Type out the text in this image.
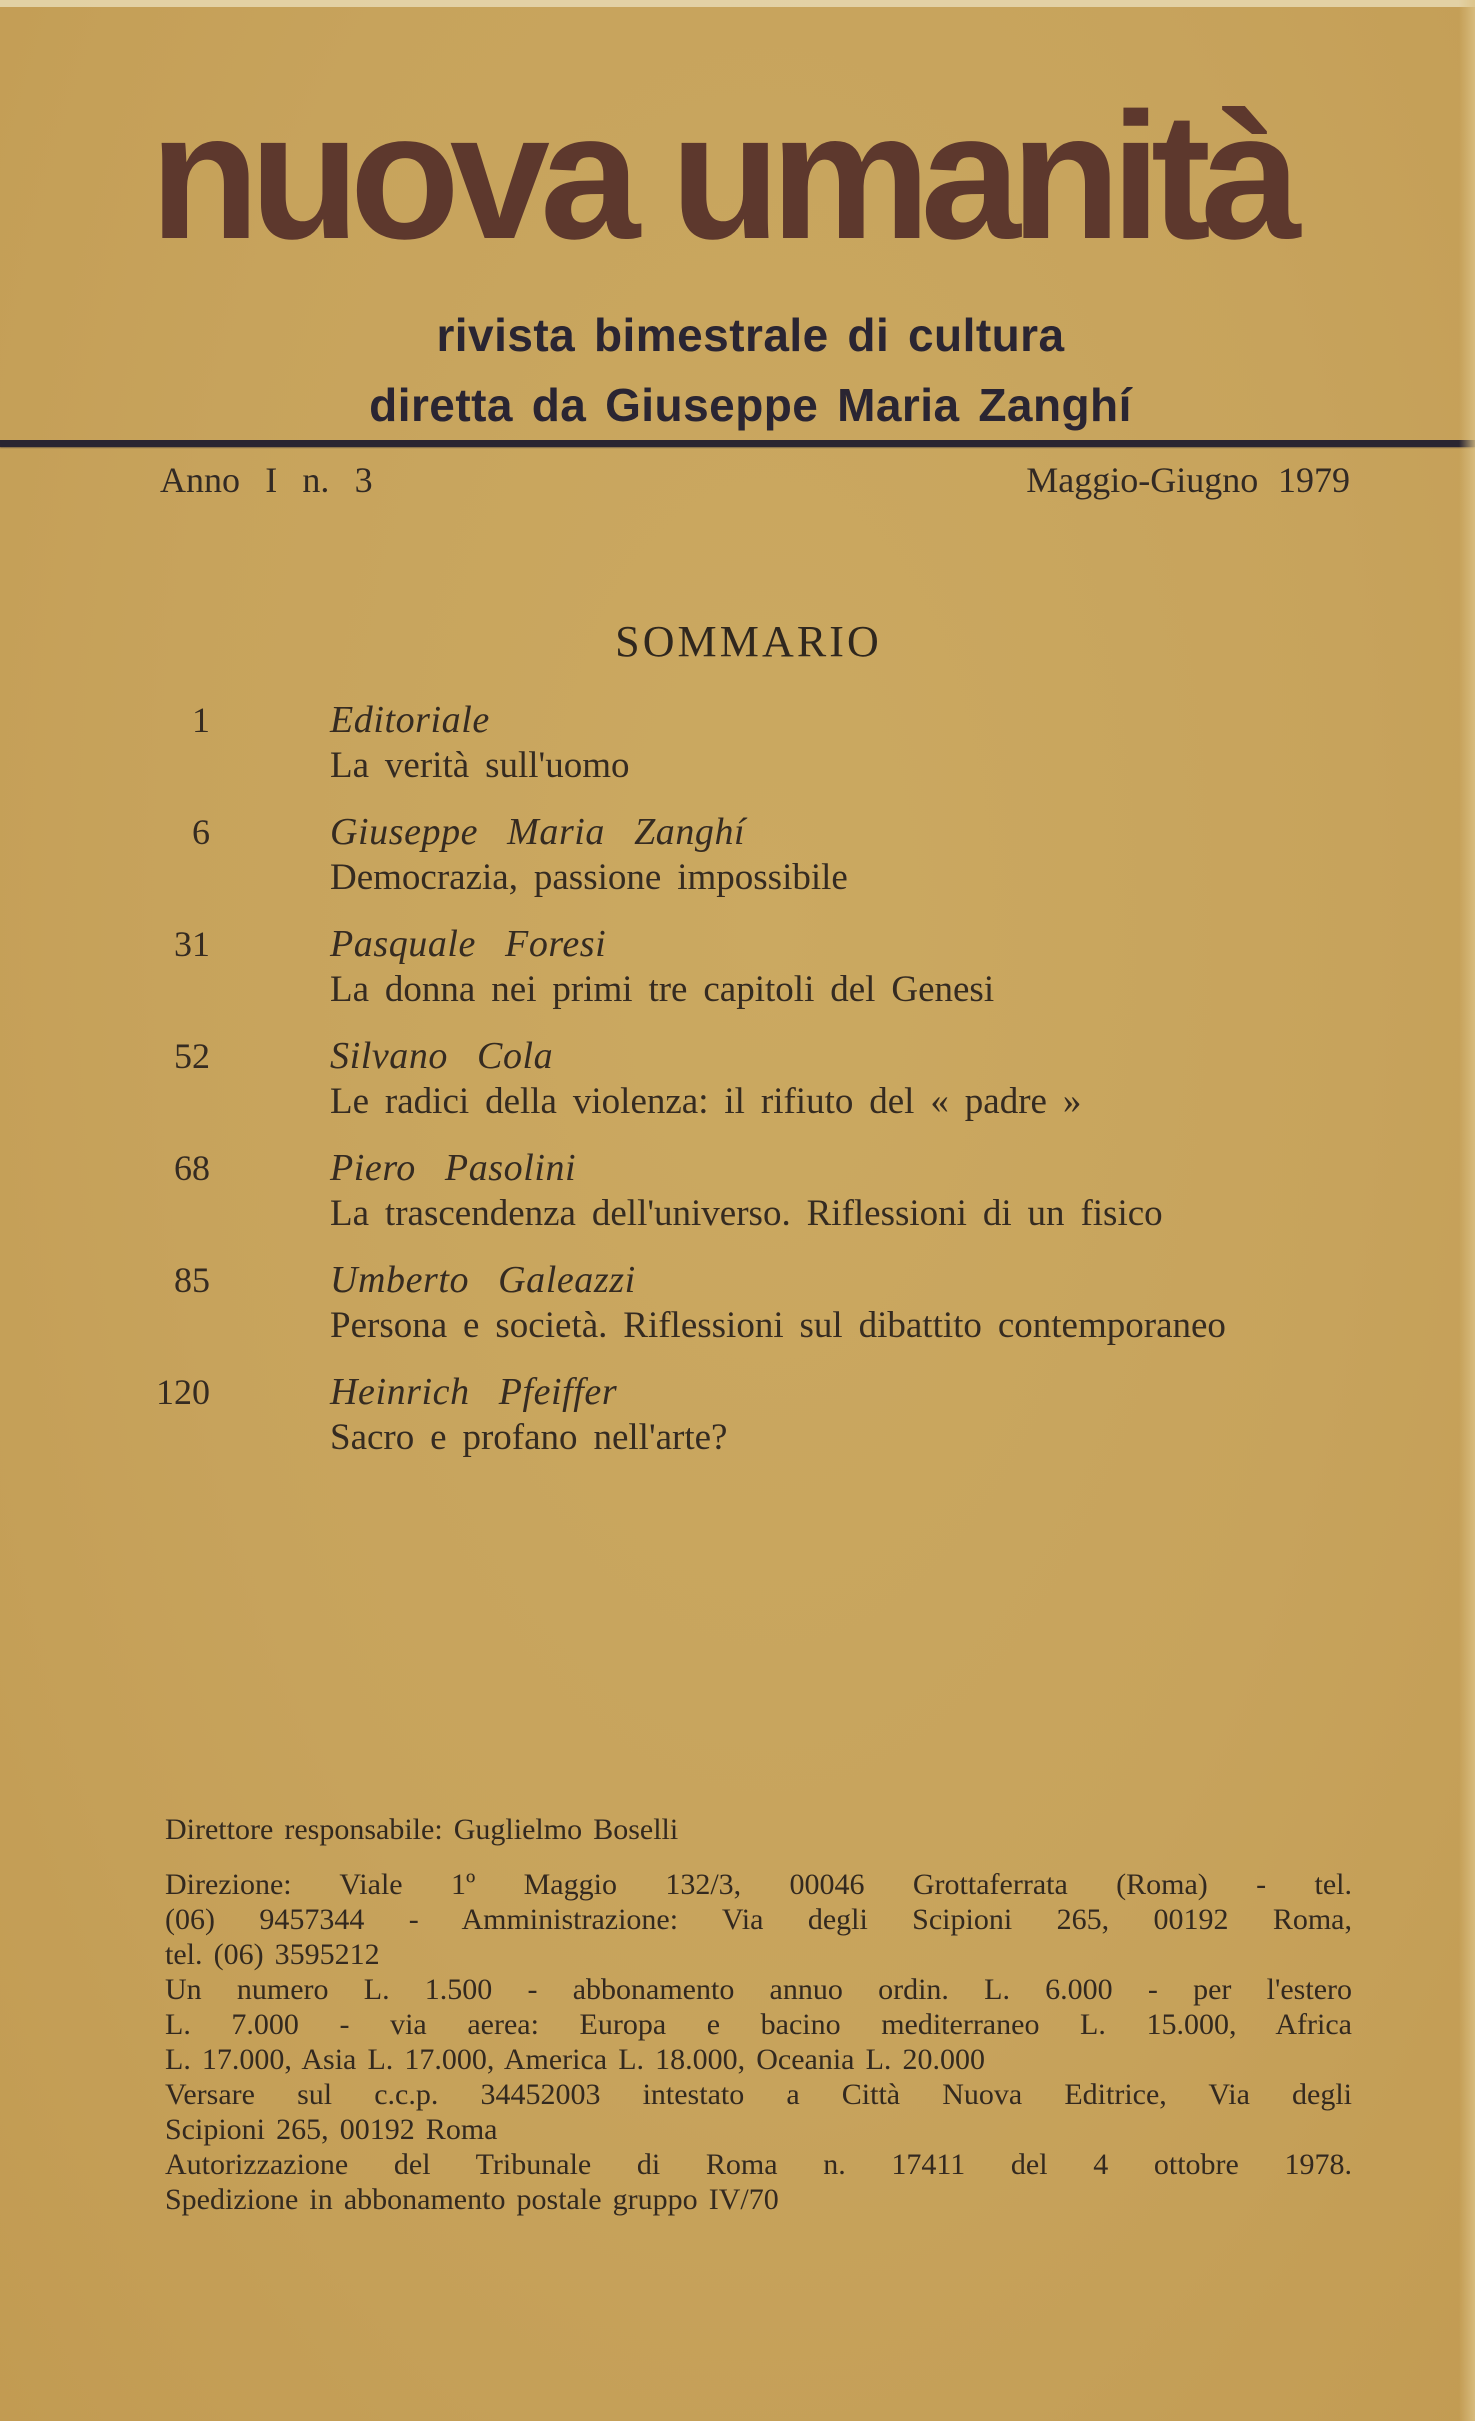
nuova umanità
rivista bimestrale di cultura
diretta da Giuseppe Maria Zanghí
Anno I n. 3	Maggio-Giugno 1979
SOMMARIO
1	Editoriale
La verità sull'uomo
6	Giuseppe Maria Zanghí
Democrazia, passione impossibile
31	Pasquale Foresi
La donna nei primi tre capitoli del Genesi
52	Silvano Cola
Le radici della violenza: il rifiuto del « padre »
68	Piero Pasolini
La trascendenza dell'universo. Riflessioni di un fisico
85	Umberto Galeazzi
Persona e società. Riflessioni sul dibattito contemporaneo
120	Heinrich Pfeiffer
Sacro e profano nell'arte?
Direttore responsabile: Guglielmo Boselli
Direzione: Viale 1º Maggio 132/3, 00046 Grottaferrata (Roma) - tel.
(06) 9457344 - Amministrazione: Via degli Scipioni 265, 00192 Roma,
tel. (06) 3595212
Un numero L. 1.500 - abbonamento annuo ordin. L. 6.000 - per l'estero
L. 7.000 - via aerea: Europa e bacino mediterraneo L. 15.000, Africa
L. 17.000, Asia L. 17.000, America L. 18.000, Oceania L. 20.000
Versare sul c.c.p. 34452003 intestato a Città Nuova Editrice, Via degli
Scipioni 265, 00192 Roma
Autorizzazione del Tribunale di Roma n. 17411 del 4 ottobre 1978.
Spedizione in abbonamento postale gruppo IV/70
